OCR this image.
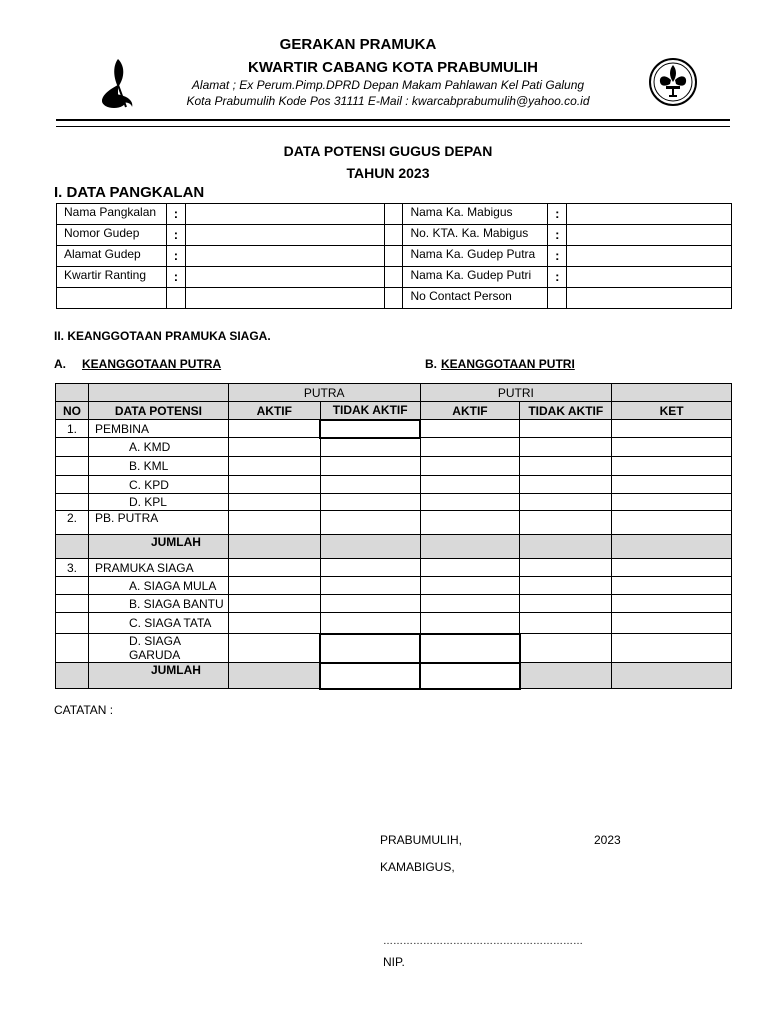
GERAKAN PRAMUKA
KWARTIR CABANG KOTA PRABUMULIH
Alamat ; Ex Perum.Pimp.DPRD Depan Makam Pahlawan Kel Pati Galung
Kota Prabumulih Kode Pos 31111 E-Mail : kwarcabprabumulih@yahoo.co.id
DATA POTENSI GUGUS DEPAN
TAHUN 2023
I. DATA PANGKALAN
Nama Pangkalan	:			Nama Ka. Mabigus	:	
Nomor Gudep	:			No. KTA. Ka. Mabigus	:	
Alamat Gudep	:			Nama Ka. Gudep Putra	:	
Kwartir Ranting	:			Nama Ka. Gudep Putri	:	
				No Contact Person		
II. KEANGGOTAAN PRAMUKA SIAGA.
A. KEANGGOTAAN PUTRA	B. KEANGGOTAAN PUTRI
		PUTRA		PUTRI		
NO	DATA POTENSI	AKTIF	TIDAK AKTIF	AKTIF	TIDAK AKTIF	KET
1.	PEMBINA					
	A. KMD					
	B. KML					
	C. KPD					
	D. KPL					
2.	PB. PUTRA					
	JUMLAH					
3.	PRAMUKA SIAGA					
	A. SIAGA MULA					
	B. SIAGA BANTU					
	C. SIAGA TATA					
	D. SIAGA GARUDA					
	JUMLAH					
CATATAN :
PRABUMULIH,	2023
KAMABIGUS,
……………………………………………………
NIP.
